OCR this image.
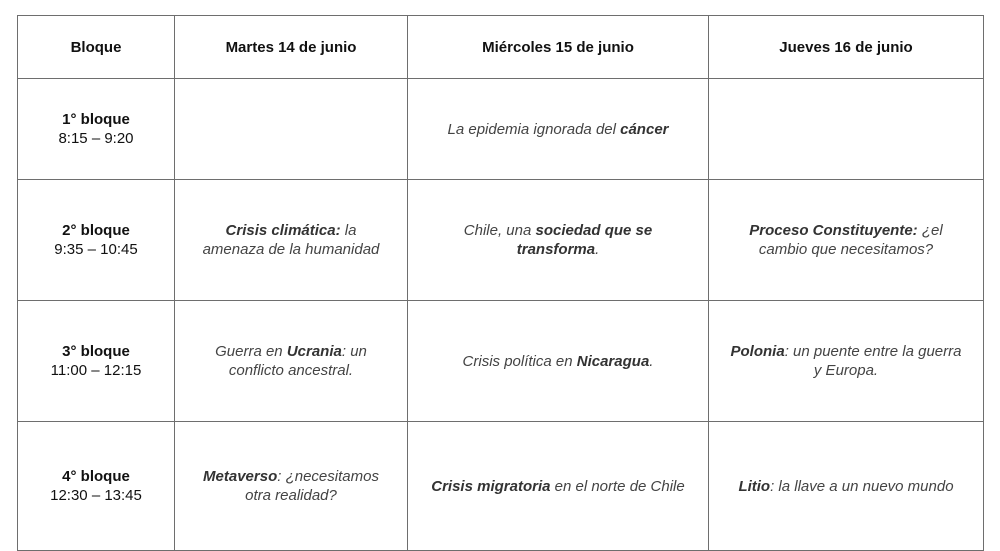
Bloque	Martes 14 de junio	Miércoles 15 de junio	Jueves 16 de junio

1° bloque
8:15 – 9:20		La epidemia ignorada del cáncer	

2° bloque
9:35 – 10:45	Crisis climática: la amenaza de la humanidad	Chile, una sociedad que se transforma.	Proceso Constituyente: ¿el cambio que necesitamos?

3° bloque
11:00 – 12:15	Guerra en Ucrania: un conflicto ancestral.	Crisis política en Nicaragua.	Polonia: un puente entre la guerra y Europa.

4° bloque
12:30 – 13:45	Metaverso: ¿necesitamos otra realidad?	Crisis migratoria en el norte de Chile	Litio: la llave a un nuevo mundo
